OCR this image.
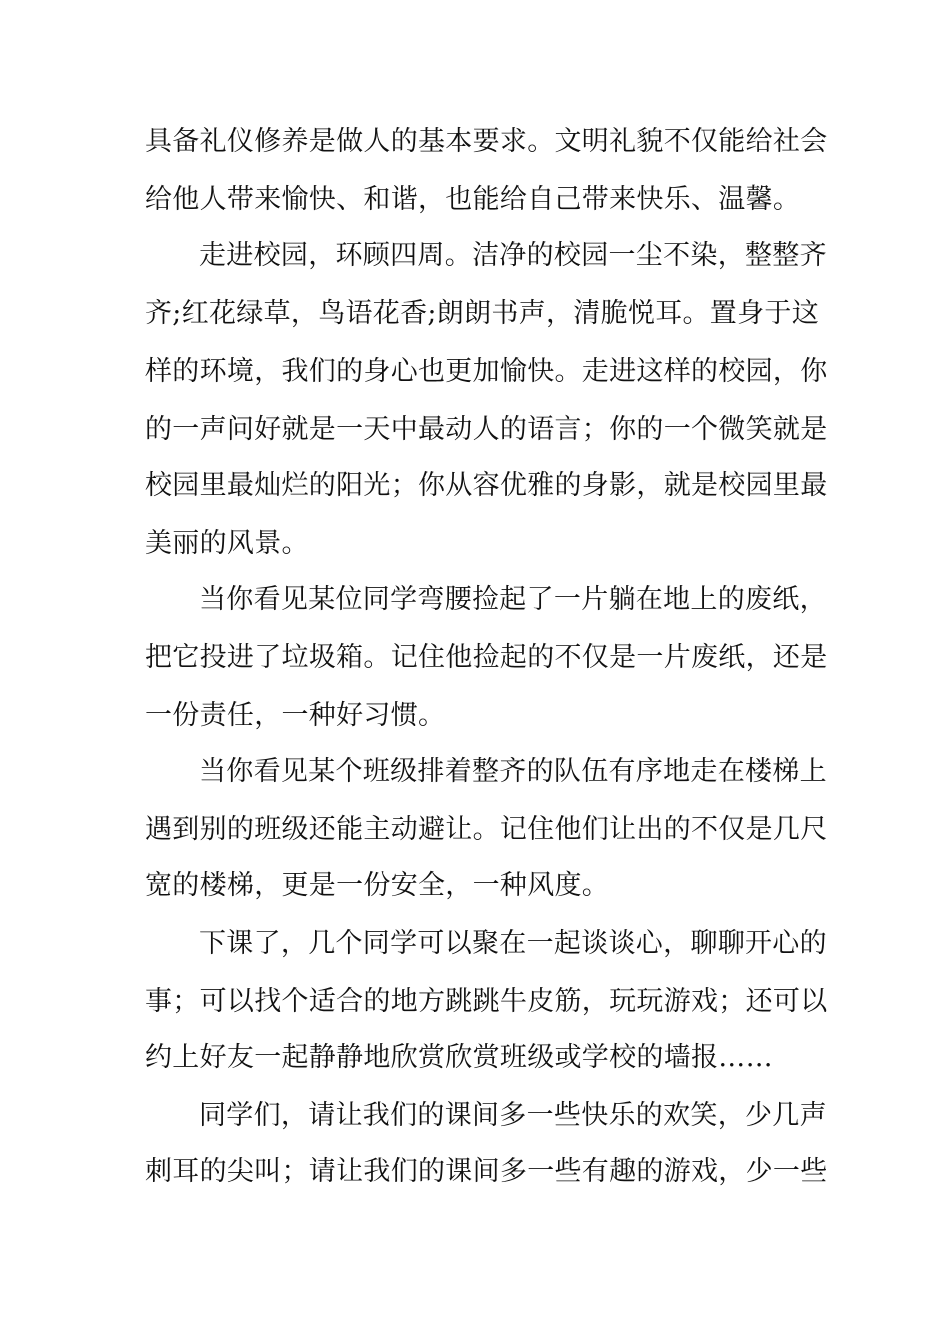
具备礼仪修养是做人的基本要求。文明礼貌不仅能给社会
给他人带来愉快、和谐，也能给自己带来快乐、温馨。
走进校园，环顾四周。洁净的校园一尘不染，整整齐
齐;红花绿草，鸟语花香;朗朗书声，清脆悦耳。置身于这
样的环境，我们的身心也更加愉快。走进这样的校园，你
的一声问好就是一天中最动人的语言；你的一个微笑就是
校园里最灿烂的阳光；你从容优雅的身影，就是校园里最
美丽的风景。
当你看见某位同学弯腰捡起了一片躺在地上的废纸，
把它投进了垃圾箱。记住他捡起的不仅是一片废纸，还是
一份责任，一种好习惯。
当你看见某个班级排着整齐的队伍有序地走在楼梯上
遇到别的班级还能主动避让。记住他们让出的不仅是几尺
宽的楼梯，更是一份安全，一种风度。
下课了，几个同学可以聚在一起谈谈心，聊聊开心的
事；可以找个适合的地方跳跳牛皮筋，玩玩游戏；还可以
约上好友一起静静地欣赏欣赏班级或学校的墙报……
同学们，请让我们的课间多一些快乐的欢笑，少几声
刺耳的尖叫；请让我们的课间多一些有趣的游戏，少一些
